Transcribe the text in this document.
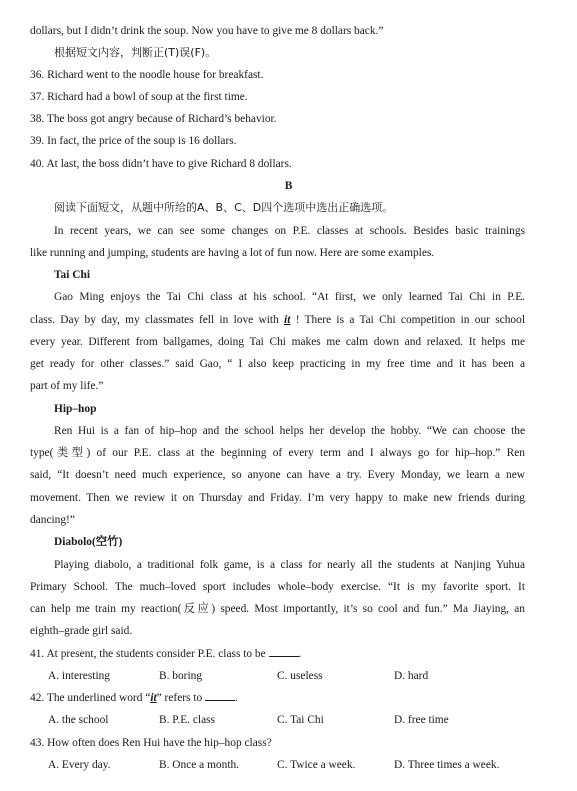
dollars, but I didn’t drink the soup. Now you have to give me 8 dollars back.”
根据短文内容，判断正(T)误(F)。
36. Richard went to the noodle house for breakfast.
37. Richard had a bowl of soup at the first time.
38. The boss got angry because of Richard’s behavior.
39. In fact, the price of the soup is 16 dollars.
40. At last, the boss didn’t have to give Richard 8 dollars.
B
阅读下面短文，从题中所给的A、B、C、D四个选项中选出正确选项。
In recent years, we can see some changes on P.E. classes at schools. Besides basic trainings
like running and jumping, students are having a lot of fun now. Here are some examples.
Tai Chi
Gao Ming enjoys the Tai Chi class at his school. “At first, we only learned Tai Chi in P.E.
class. Day by day, my classmates fell in love with it ! There is a Tai Chi competition in our school
every year. Different from ballgames, doing Tai Chi makes me calm down and relaxed. It helps me
get ready for other classes.” said Gao, “ I also keep practicing in my free time and it has been a
part of my life.”
Hip–hop
Ren Hui is a fan of hip–hop and the school helps her develop the hobby. “We can choose the
type(类型) of our P.E. class at the beginning of every term and I always go for hip–hop.” Ren
said, “It doesn’t need much experience, so anyone can have a try. Every Monday, we learn a new
movement. Then we review it on Thursday and Friday. I’m very happy to make new friends during
dancing!”
Diabolo(空竹)
Playing diabolo, a traditional folk game, is a class for nearly all the students at Nanjing Yuhua
Primary School. The much–loved sport includes whole–body exercise. “It is my favorite sport. It
can help me train my reaction(反应) speed. Most importantly, it’s so cool and fun.” Ma Jiaying, an
eighth–grade girl said.
41. At present, the students consider P.E. class to be	.
A. interesting	B. boring	C. useless	D. hard
42. The underlined word “it” refers to	.
A. the school	B. P.E. class	C. Tai Chi	D. free time
43. How often does Ren Hui have the hip–hop class?
A. Every day.	B. Once a month.	C. Twice a week.	D. Three times a week.
